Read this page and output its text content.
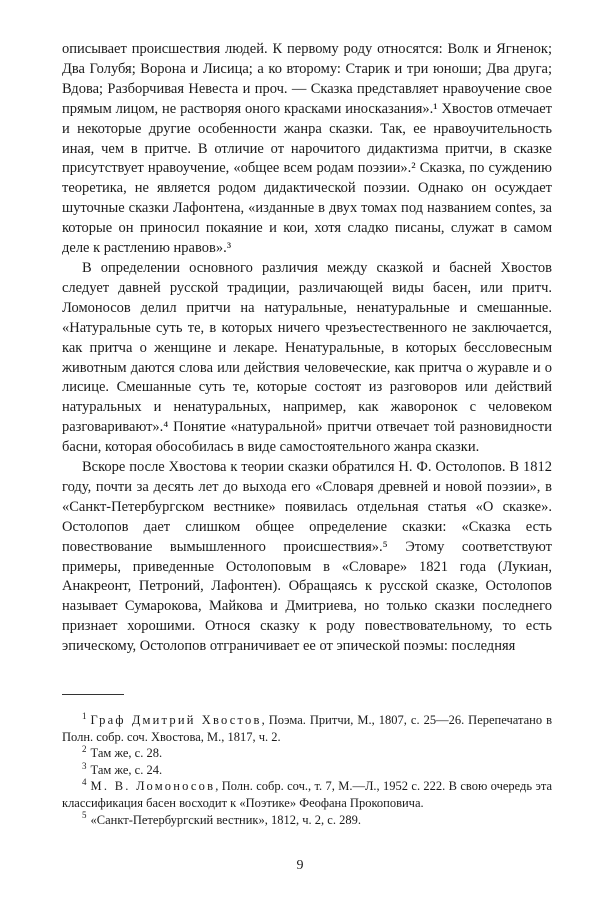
описывает происшествия людей. К первому роду относятся: Волк и Ягненок; Два Голубя; Ворона и Лисица; а ко второму: Старик и три юноши; Два друга; Вдова; Разборчивая Невеста и проч. — Сказка представляет нравоучение свое прямым лицом, не растворяя оного красками иносказания».¹ Хвостов отмечает и некоторые другие особенности жанра сказки. Так, ее нравоучительность иная, чем в притче. В отличие от нарочитого дидактизма притчи, в сказке присутствует нравоучение, «общее всем родам поэзии».² Сказка, по суждению теоретика, не является родом дидактической поэзии. Однако он осуждает шуточные сказки Лафонтена, «изданные в двух томах под названием contes, за которые он приносил покаяние и кои, хотя сладко писаны, служат в самом деле к растлению нравов».³

В определении основного различия между сказкой и басней Хвостов следует давней русской традиции, различающей виды басен, или притч. Ломоносов делил притчи на натуральные, ненатуральные и смешанные. «Натуральные суть те, в которых ничего чрезъестественного не заключается, как притча о женщине и лекаре. Ненатуральные, в которых бессловесным животным даются слова или действия человеческие, как притча о журавле и о лисице. Смешанные суть те, которые состоят из разговоров или действий натуральных и ненатуральных, например, как жаворонок с человеком разговаривают».⁴ Понятие «натуральной» притчи отвечает той разновидности басни, которая обособилась в виде самостоятельного жанра сказки.

Вскоре после Хвостова к теории сказки обратился Н. Ф. Остолопов. В 1812 году, почти за десять лет до выхода его «Словаря древней и новой поэзии», в «Санкт-Петербургском вестнике» появилась отдельная статья «О сказке». Остолопов дает слишком общее определение сказки: «Сказка есть повествование вымышленного происшествия».⁵ Этому соответствуют примеры, приведенные Остолоповым в «Словаре» 1821 года (Лукиан, Анакреонт, Петроний, Лафонтен). Обращаясь к русской сказке, Остолопов называет Сумарокова, Майкова и Дмитриева, но только сказки последнего признает хорошими. Относя сказку к роду повествовательному, то есть эпическому, Остолопов отграничивает ее от эпической поэмы: последняя

$^1$ Граф Дмитрий Хвостов, Поэма. Притчи, М., 1807, с. 25—26. Перепечатано в Полн. собр. соч. Хвостова, М., 1817, ч. 2.

$^2$ Там же, с. 28.

$^3$ Там же, с. 24.

$^4$ М. В. Ломоносов, Полн. собр. соч., т. 7, М.—Л., 1952 с. 222. В свою очередь эта классификация басен восходит к «Поэтике» Феофана Прокоповича.

$^5$ «Санкт-Петербургский вестник», 1812, ч. 2, с. 289.

9
